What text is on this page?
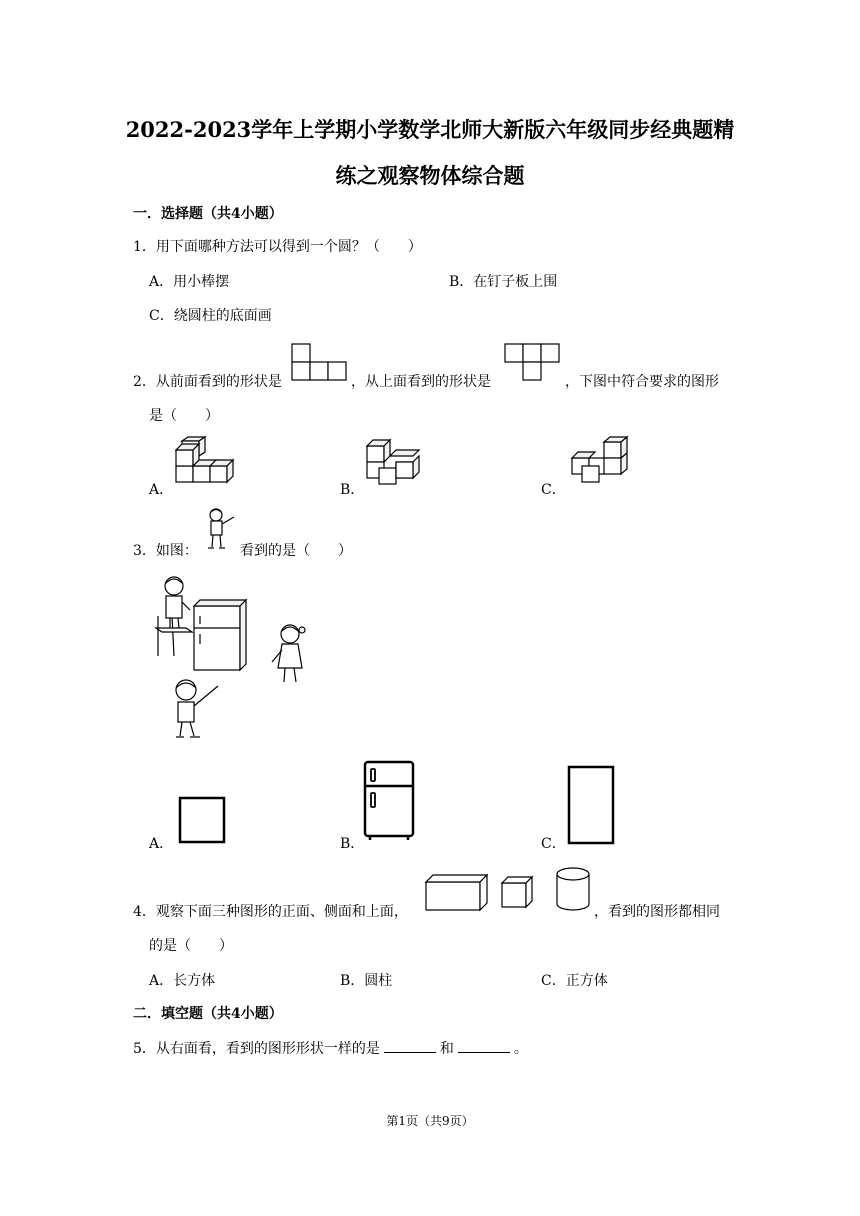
2022-2023学年上学期小学数学北师大新版六年级同步经典题精
练之观察物体综合题
一．选择题（共4小题）
1．用下面哪种方法可以得到一个圆？（　　）
A．用小棒摆	B．在钉子板上围
C．绕圆柱的底面画
2．从前面看到的形状是	，从上面看到的形状是	，下图中符合要求的图形
是（　　）
A．	B．	C．
3．如图：	看到的是（　　）
A．	B．	C．
4．观察下面三种图形的正面、侧面和上面，	，看到的图形都相同
的是（　　）
A．长方体	B．圆柱	C．正方体
二．填空题（共4小题）
5．从右面看，看到的图形形状一样的是	和	。
第1页（共9页）
